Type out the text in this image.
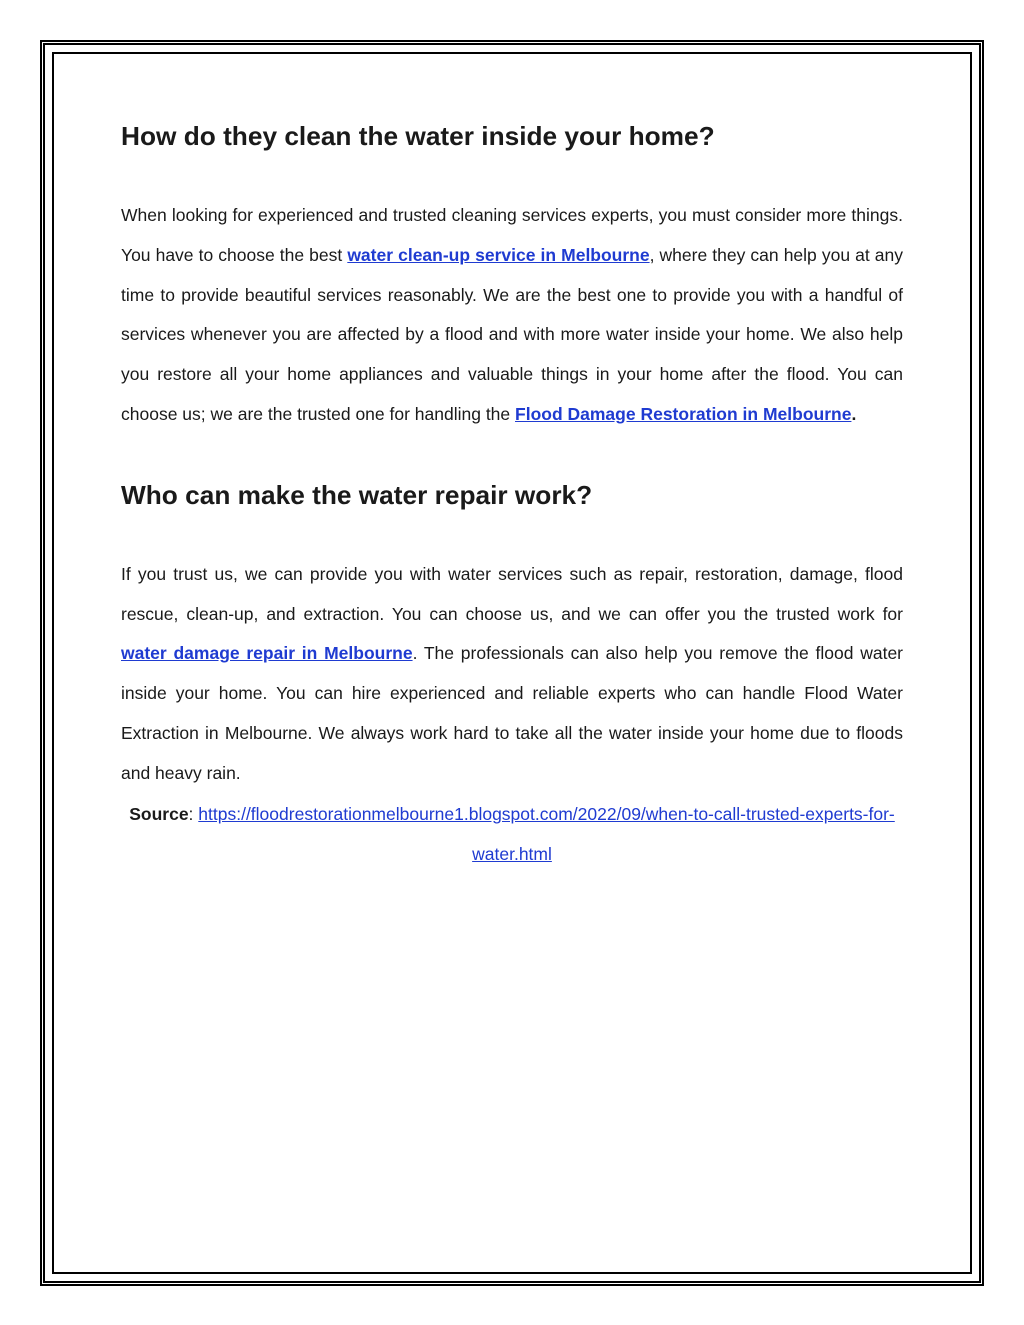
How do they clean the water inside your home?

When looking for experienced and trusted cleaning services experts, you must consider more things. You have to choose the best water clean-up service in Melbourne, where they can help you at any time to provide beautiful services reasonably. We are the best one to provide you with a handful of services whenever you are affected by a flood and with more water inside your home. We also help you restore all your home appliances and valuable things in your home after the flood. You can choose us; we are the trusted one for handling the Flood Damage Restoration in Melbourne.

Who can make the water repair work?

If you trust us, we can provide you with water services such as repair, restoration, damage, flood rescue, clean-up, and extraction. You can choose us, and we can offer you the trusted work for water damage repair in Melbourne. The professionals can also help you remove the flood water inside your home. You can hire experienced and reliable experts who can handle Flood Water Extraction in Melbourne. We always work hard to take all the water inside your home due to floods and heavy rain.

Source: https://floodrestorationmelbourne1.blogspot.com/2022/09/when-to-call-trusted-experts-for-water.html
